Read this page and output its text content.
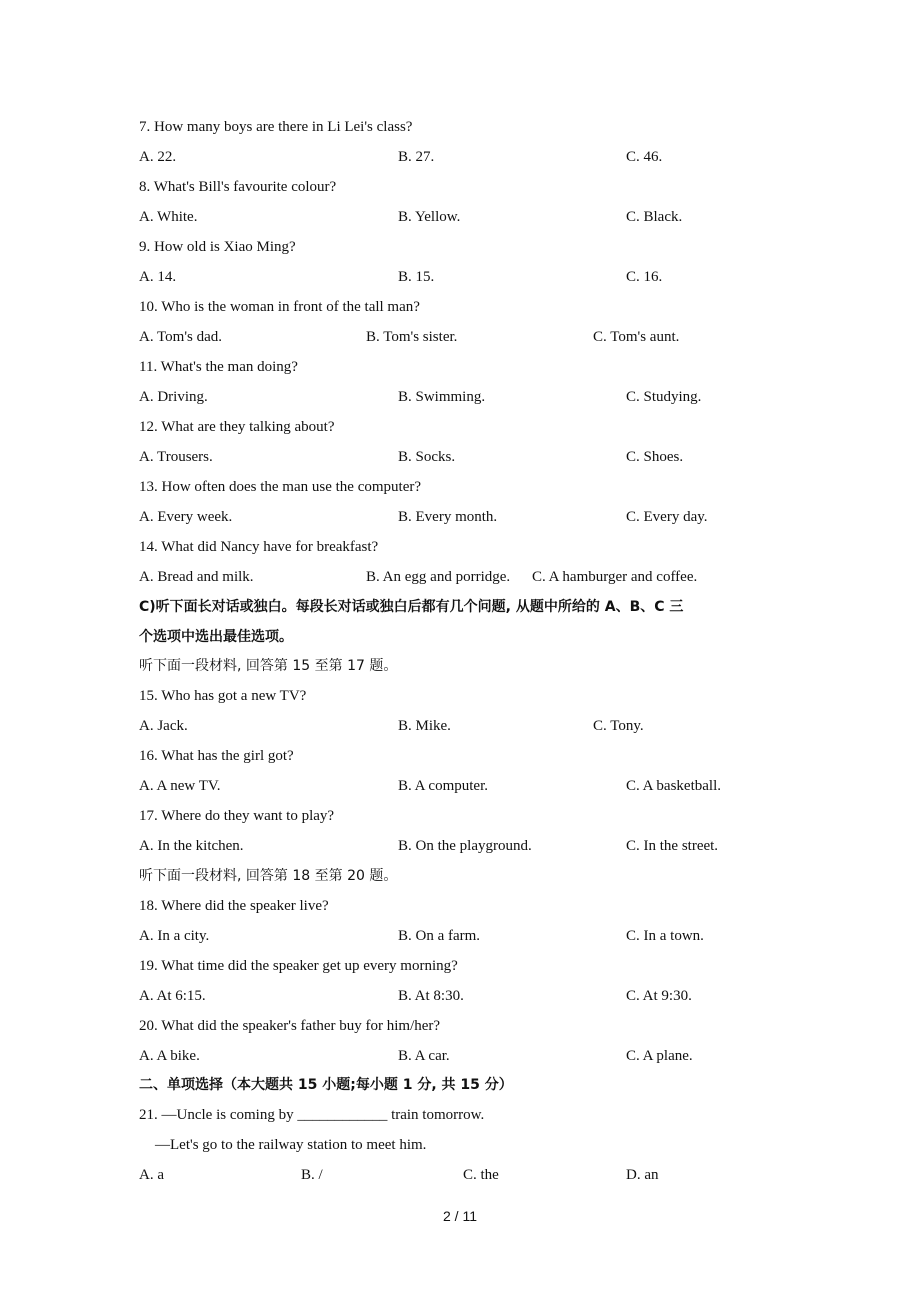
7. How many boys are there in Li Lei's class?
A. 22.	B. 27.	C. 46.
8. What's Bill's favourite colour?
A. White.	B. Yellow.	C. Black.
9. How old is Xiao Ming?
A. 14.	B. 15.	C. 16.
10. Who is the woman in front of the tall man?
A. Tom's dad.	B. Tom's sister.	C. Tom's aunt.
11. What's the man doing?
A. Driving.	B. Swimming.	C. Studying.
12. What are they talking about?
A. Trousers.	B. Socks.	C. Shoes.
13. How often does the man use the computer?
A. Every week.	B. Every month.	C. Every day.
14. What did Nancy have for breakfast?
A. Bread and milk.	B. An egg and porridge. C. A hamburger and coffee.
C)听下面长对话或独白。每段长对话或独白后都有几个问题, 从题中所给的 A、B、C 三
个选项中选出最佳选项。
听下面一段材料, 回答第 15 至第 17 题。
15. Who has got a new TV?
A. Jack.	B. Mike.	C. Tony.
16. What has the girl got?
A. A new TV.	B. A computer.	C. A basketball.
17. Where do they want to play?
A. In the kitchen.	B. On the playground.	C. In the street.
听下面一段材料, 回答第 18 至第 20 题。
18. Where did the speaker live?
A. In a city.	B. On a farm.	C. In a town.
19. What time did the speaker get up every morning?
A. At 6:15.	B. At 8:30.	C. At 9:30.
20. What did the speaker's father buy for him/her?
A. A bike.	B. A car.	C. A plane.
二、单项选择（本大题共 15 小题;每小题 1 分, 共 15 分）
21. —Uncle is coming by ____________ train tomorrow.
—Let's go to the railway station to meet him.
A. a	B. /	C. the	D. an
2 / 11
